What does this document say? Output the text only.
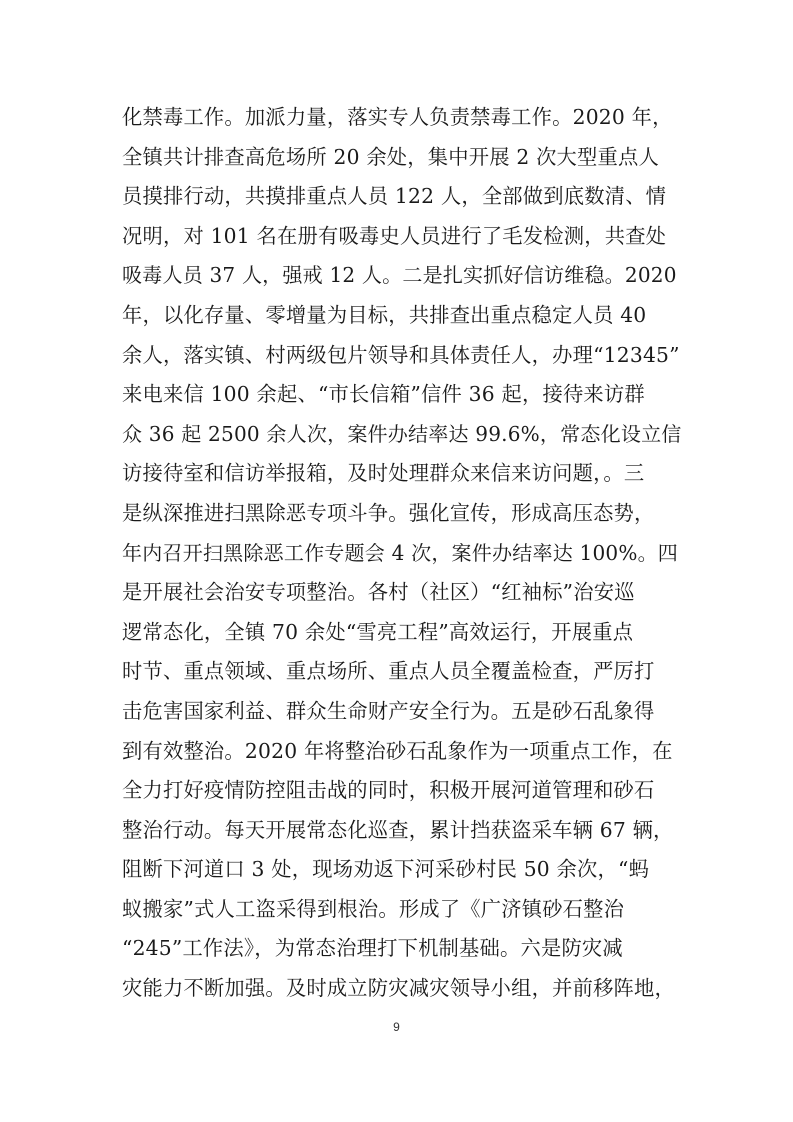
化禁毒工作。加派力量，落实专人负责禁毒工作。2020 年，
全镇共计排查高危场所 20 余处，集中开展 2 次大型重点人
员摸排行动，共摸排重点人员 122 人，全部做到底数清、情
况明，对 101 名在册有吸毒史人员进行了毛发检测，共查处
吸毒人员 37 人，强戒 12 人。二是扎实抓好信访维稳。2020
年，以化存量、零增量为目标，共排查出重点稳定人员 40
余人，落实镇、村两级包片领导和具体责任人，办理“12345”
来电来信 100 余起、“市长信箱”信件 36 起，接待来访群
众 36 起 2500 余人次，案件办结率达 99.6%，常态化设立信
访接待室和信访举报箱，及时处理群众来信来访问题，。三
是纵深推进扫黑除恶专项斗争。强化宣传，形成高压态势，
年内召开扫黑除恶工作专题会 4 次，案件办结率达 100%。四
是开展社会治安专项整治。各村（社区）“红袖标”治安巡
逻常态化，全镇 70 余处“雪亮工程”高效运行，开展重点
时节、重点领域、重点场所、重点人员全覆盖检查，严厉打
击危害国家利益、群众生命财产安全行为。五是砂石乱象得
到有效整治。2020 年将整治砂石乱象作为一项重点工作，在
全力打好疫情防控阻击战的同时，积极开展河道管理和砂石
整治行动。每天开展常态化巡查，累计挡获盗采车辆 67 辆，
阻断下河道口 3 处，现场劝返下河采砂村民 50 余次，“蚂
蚁搬家”式人工盗采得到根治。形成了《广济镇砂石整治
“245”工作法》，为常态治理打下机制基础。六是防灾减
灾能力不断加强。及时成立防灾减灾领导小组，并前移阵地，
9
